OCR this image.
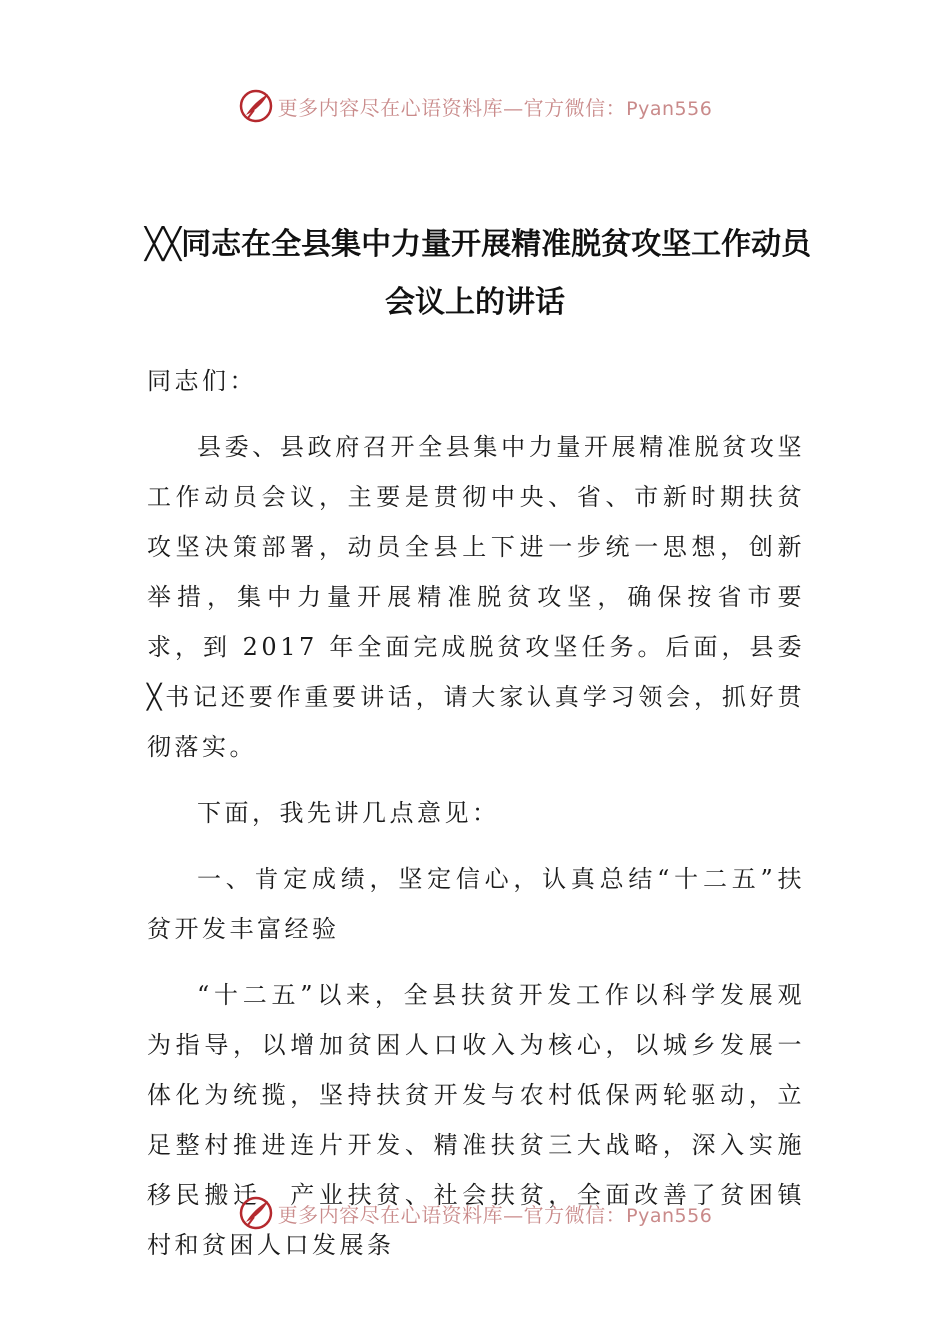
更多内容尽在心语资料库—官方微信：Pyan556
╳╳同志在全县集中力量开展精准脱贫攻坚工作动员
会议上的讲话

同志们：

县委、县政府召开全县集中力量开展精准脱贫攻坚工作动员会议，主要是贯彻中央、省、市新时期扶贫攻坚决策部署，动员全县上下进一步统一思想，创新举措，集中力量开展精准脱贫攻坚，确保按省市要求，到 2017 年全面完成脱贫攻坚任务。后面，县委╳书记还要作重要讲话，请大家认真学习领会，抓好贯彻落实。

下面，我先讲几点意见：

一、肯定成绩，坚定信心，认真总结“十二五”扶贫开发丰富经验

“十二五”以来，全县扶贫开发工作以科学发展观为指导，以增加贫困人口收入为核心，以城乡发展一体化为统揽，坚持扶贫开发与农村低保两轮驱动，立足整村推进连片开发、精准扶贫三大战略，深入实施移民搬迁、产业扶贫、社会扶贫，全面改善了贫困镇村和贫困人口发展条

更多内容尽在心语资料库—官方微信：Pyan556
